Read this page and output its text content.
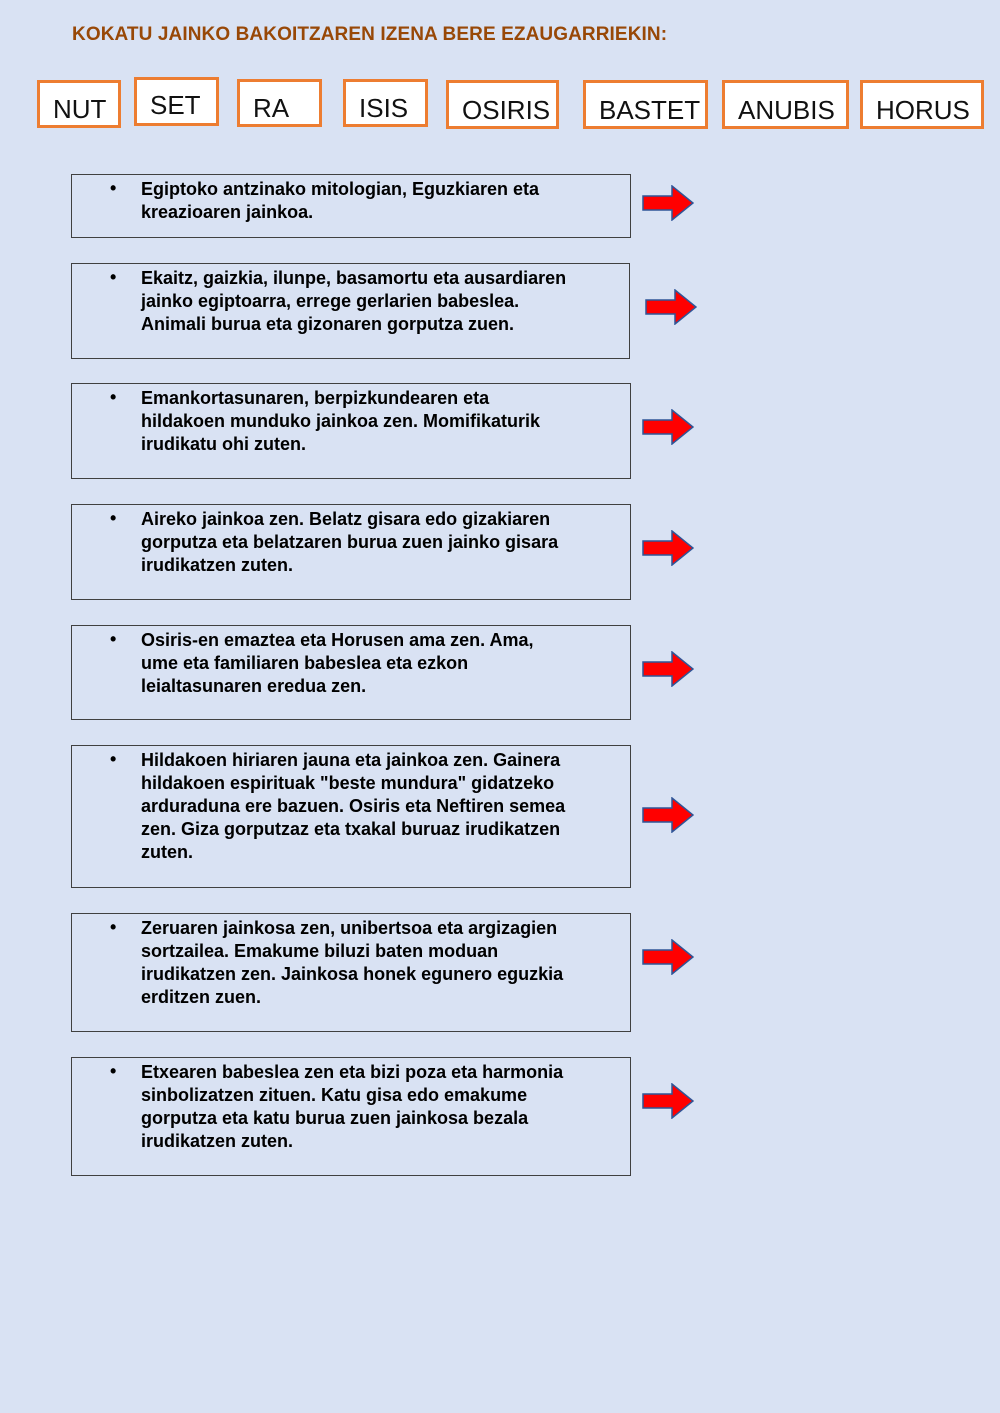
KOKATU JAINKO BAKOITZAREN IZENA BERE EZAUGARRIEKIN:
NUT	SET	RA	ISIS	OSIRIS	BASTET	ANUBIS	HORUS
• Egiptoko antzinako mitologian, Eguzkiaren eta
kreazioaren jainkoa.
• Ekaitz, gaizkia, ilunpe, basamortu eta ausardiaren
jainko egiptoarra, errege gerlarien babeslea.
Animali burua eta gizonaren gorputza zuen.
• Emankortasunaren, berpizkundearen eta
hildakoen munduko jainkoa zen. Momifikaturik
irudikatu ohi zuten.
• Aireko jainkoa zen. Belatz gisara edo gizakiaren
gorputza eta belatzaren burua zuen jainko gisara
irudikatzen zuten.
• Osiris-en emaztea eta Horusen ama zen. Ama,
ume eta familiaren babeslea eta ezkon
leialtasunaren eredua zen.
• Hildakoen hiriaren jauna eta jainkoa zen. Gainera
hildakoen espirituak "beste mundura" gidatzeko
arduraduna ere bazuen. Osiris eta Neftiren semea
zen. Giza gorputzaz eta txakal buruaz irudikatzen
zuten.
• Zeruaren jainkosa zen, unibertsoa eta argizagien
sortzailea. Emakume biluzi baten moduan
irudikatzen zen. Jainkosa honek egunero eguzkia
erditzen zuen.
• Etxearen babeslea zen eta bizi poza eta harmonia
sinbolizatzen zituen. Katu gisa edo emakume
gorputza eta katu burua zuen jainkosa bezala
irudikatzen zuten.
